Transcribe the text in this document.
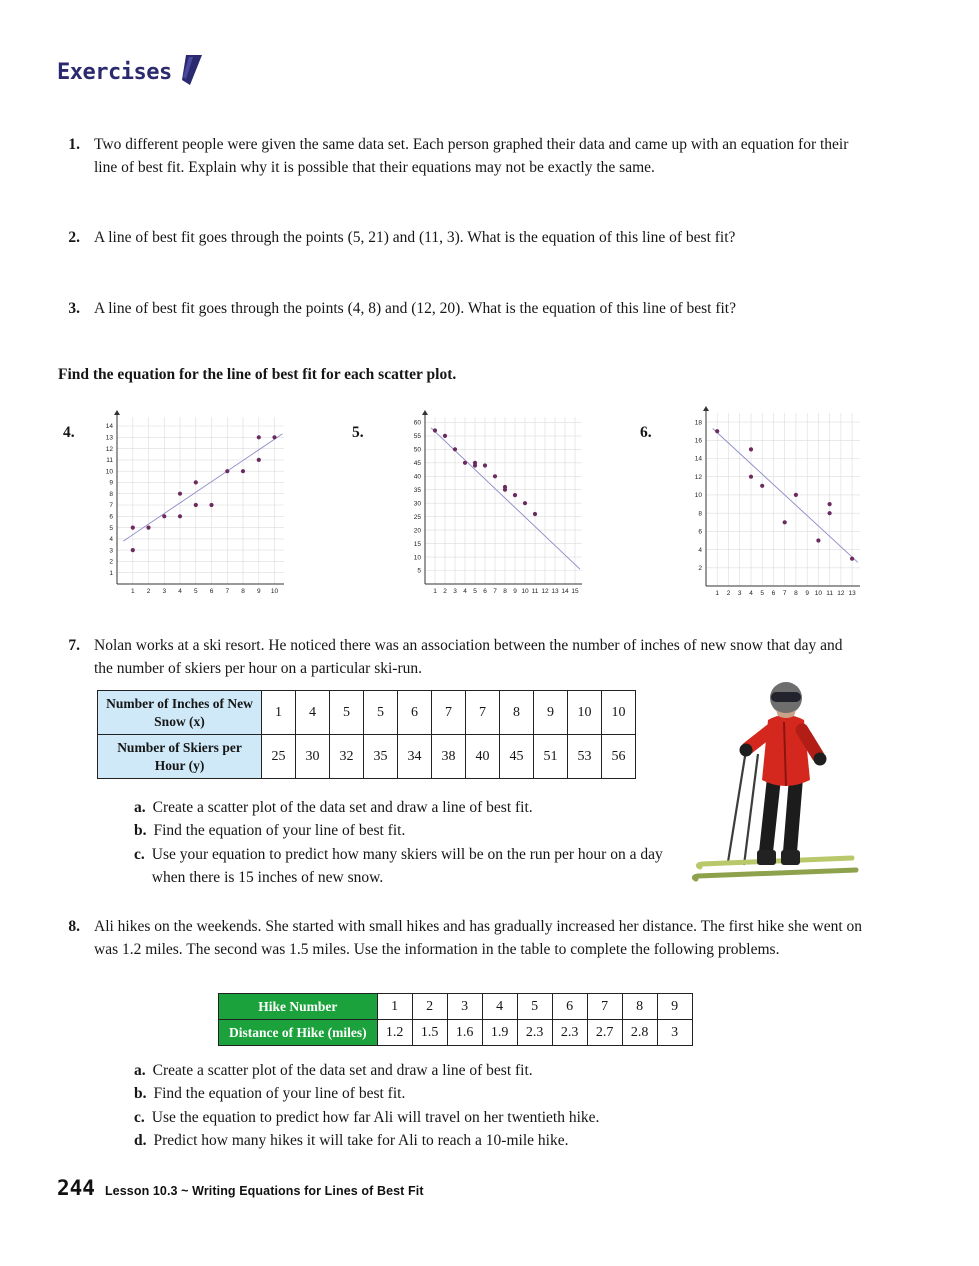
Exercises
1. Two different people were given the same data set. Each person graphed their data and came up with an equation for their line of best fit. Explain why it is possible that their equations may not be exactly the same.
2. A line of best fit goes through the points (5, 21) and (11, 3). What is the equation of this line of best fit?
3. A line of best fit goes through the points (4, 8) and (12, 20). What is the equation of this line of best fit?
Find the equation for the line of best fit for each scatter plot.
4.
1 2 3 4 5 6 7 8 9 10
1
2
3
4
5
6
7
8
9
10
11
12
13
14	5.
1 2 3 4 5 6 7 8 9 10 11 12 13 14 15
5
10
15
20
25
30
35
40
45
50
55
60
6.
1 2 3 4 5 6 7 8 9 10 11 12 13
2
4
6
8
10
12
14
16
18
7. Nolan works at a ski resort. He noticed there was an association between the number of inches of new snow that day and the number of skiers per hour on a particular ski-run.
Number of Inches of New Snow (x)	1	4	5	5	6	7	7	8	9	10	10
Number of Skiers per Hour (y)	25	30	32	35	34	38	40	45	51	53	56
a. Create a scatter plot of the data set and draw a line of best fit.
b. Find the equation of your line of best fit.
c. Use your equation to predict how many skiers will be on the run per hour on a day when there is 15 inches of new snow.
8. Ali hikes on the weekends. She started with small hikes and has gradually increased her distance. The first hike she went on was 1.2 miles. The second was 1.5 miles. Use the information in the table to complete the following problems.
Hike Number	1	2	3	4	5	6	7	8	9
Distance of Hike (miles)	1.2	1.5	1.6	1.9	2.3	2.3	2.7	2.8	3
a. Create a scatter plot of the data set and draw a line of best fit.
b. Find the equation of your line of best fit.
c. Use the equation to predict how far Ali will travel on her twentieth hike.
d. Predict how many hikes it will take for Ali to reach a 10-mile hike.
244 Lesson 10.3 ~ Writing Equations for Lines of Best Fit
